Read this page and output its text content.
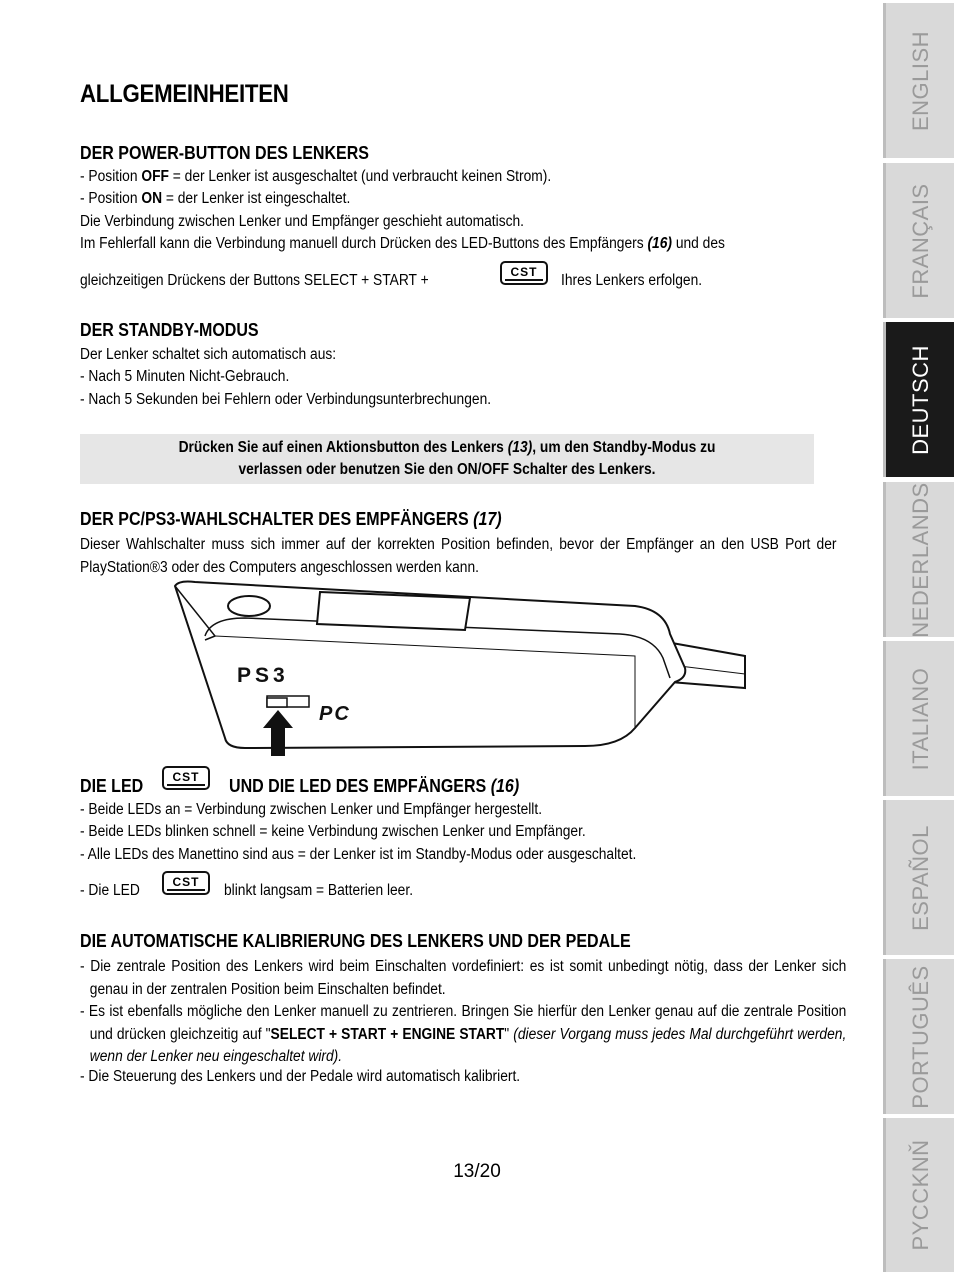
ALLGEMEINHEITEN
DER POWER-BUTTON DES LENKERS
- Position OFF = der Lenker ist ausgeschaltet (und verbraucht keinen Strom).
- Position ON = der Lenker ist eingeschaltet.
Die Verbindung zwischen Lenker und Empfänger geschieht automatisch.
Im Fehlerfall kann die Verbindung manuell durch Drücken des LED-Buttons des Empfängers (16) und des
gleichzeitigen Drückens der Buttons SELECT + START +	CST	Ihres Lenkers erfolgen.
DER STANDBY-MODUS
Der Lenker schaltet sich automatisch aus:
- Nach 5 Minuten Nicht-Gebrauch.
- Nach 5 Sekunden bei Fehlern oder Verbindungsunterbrechungen.
Drücken Sie auf einen Aktionsbutton des Lenkers (13), um den Standby-Modus zu
verlassen oder benutzen Sie den ON/OFF Schalter des Lenkers.
DER PC/PS3-WAHLSCHALTER DES EMPFÄNGERS (17)
Dieser Wahlschalter muss sich immer auf der korrekten Position befinden, bevor der Empfänger an den USB Port der PlayStation®3 oder des Computers angeschlossen werden kann.
PS3
PC
DIE LED	CST	UND DIE LED DES EMPFÄNGERS (16)
- Beide LEDs an = Verbindung zwischen Lenker und Empfänger hergestellt.
- Beide LEDs blinken schnell = keine Verbindung zwischen Lenker und Empfänger.
- Alle LEDs des Manettino sind aus = der Lenker ist im Standby-Modus oder ausgeschaltet.
- Die LED	CST	blinkt langsam = Batterien leer.
DIE AUTOMATISCHE KALIBRIERUNG DES LENKERS UND DER PEDALE
- Die zentrale Position des Lenkers wird beim Einschalten vordefiniert: es ist somit unbedingt nötig, dass der Lenker sich genau in der zentralen Position beim Einschalten befindet.
- Es ist ebenfalls mögliche den Lenker manuell zu zentrieren. Bringen Sie hierfür den Lenker genau auf die zentrale Position und drücken gleichzeitig auf "SELECT + START + ENGINE START" (dieser Vorgang muss jedes Mal durchgeführt werden, wenn der Lenker neu eingeschaltet wird).
- Die Steuerung des Lenkers und der Pedale wird automatisch kalibriert.
13/20
ENGLISH
FRANÇAIS
DEUTSCH
NEDERLANDS
ITALIANO
ESPAÑOL
PORTUGUÊS
PYCCKNŇ
